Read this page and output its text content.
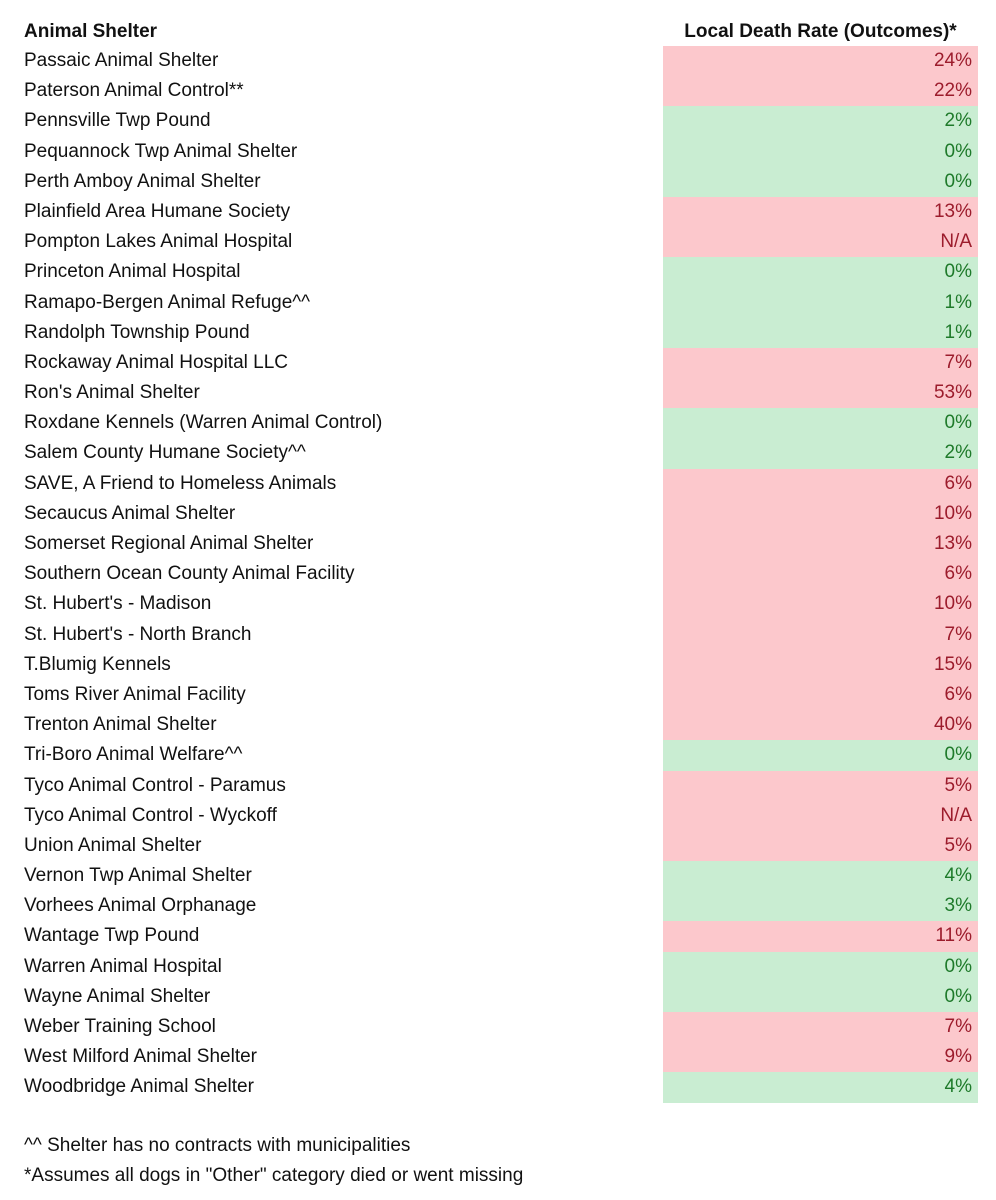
Animal Shelter	Local Death Rate (Outcomes)*
Passaic Animal Shelter	24%
Paterson Animal Control**	22%
Pennsville Twp Pound	2%
Pequannock Twp Animal Shelter	0%
Perth Amboy Animal Shelter	0%
Plainfield Area Humane Society	13%
Pompton Lakes Animal Hospital	N/A
Princeton Animal Hospital	0%
Ramapo-Bergen Animal Refuge^^	1%
Randolph Township Pound	1%
Rockaway Animal Hospital LLC	7%
Ron's Animal Shelter	53%
Roxdane Kennels (Warren Animal Control)	0%
Salem County Humane Society^^	2%
SAVE, A Friend to Homeless Animals	6%
Secaucus Animal Shelter	10%
Somerset Regional Animal Shelter	13%
Southern Ocean County Animal Facility	6%
St. Hubert's - Madison	10%
St. Hubert's - North Branch	7%
T.Blumig Kennels	15%
Toms River Animal Facility	6%
Trenton Animal Shelter	40%
Tri-Boro Animal Welfare^^	0%
Tyco Animal Control - Paramus	5%
Tyco Animal Control - Wyckoff	N/A
Union Animal Shelter	5%
Vernon Twp Animal Shelter	4%
Vorhees Animal Orphanage	3%
Wantage Twp Pound	11%
Warren Animal Hospital	0%
Wayne Animal Shelter	0%
Weber Training School	7%
West Milford Animal Shelter	9%
Woodbridge Animal Shelter	4%
^^ Shelter has no contracts with municipalities
*Assumes all dogs in "Other" category died or went missing
